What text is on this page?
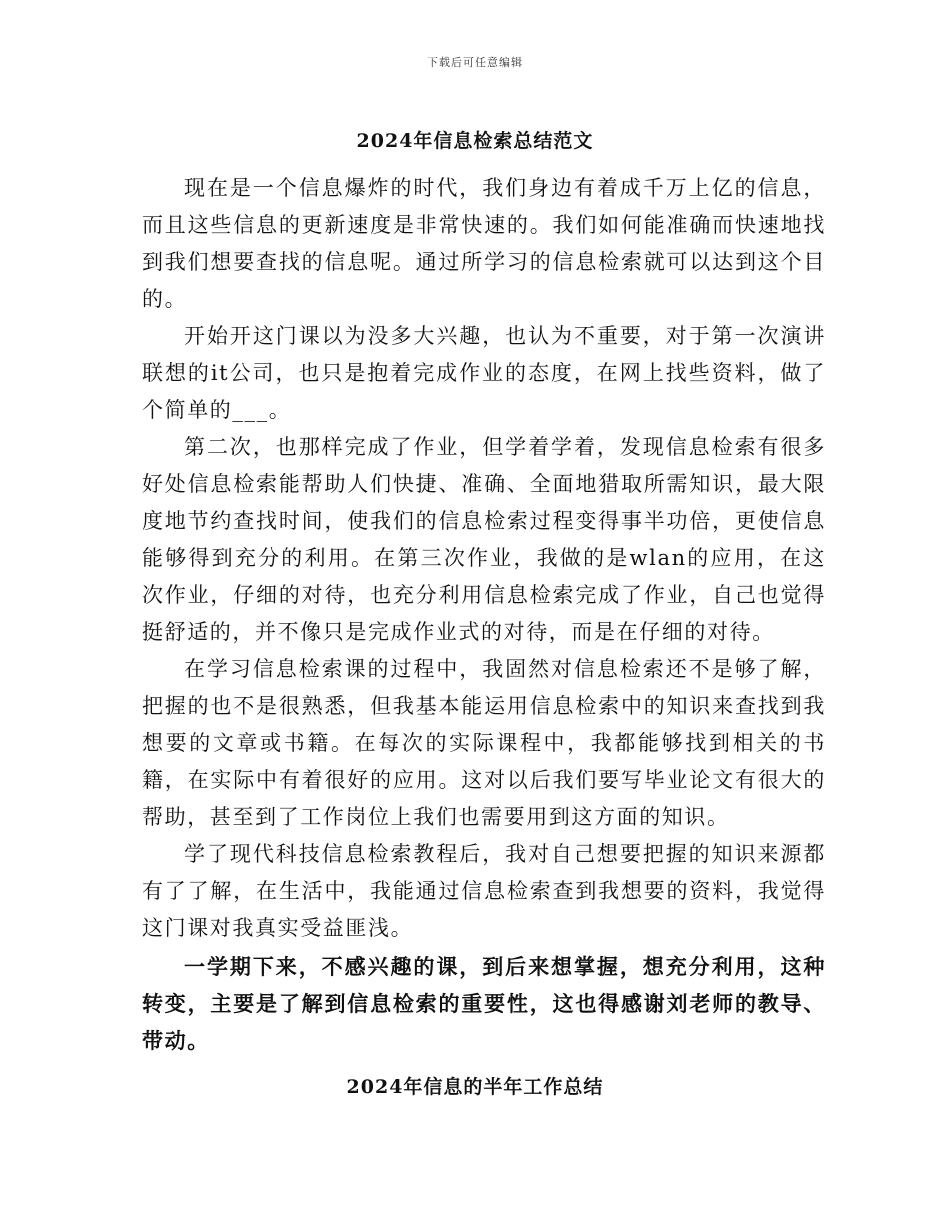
下载后可任意编辑
2024年信息检索总结范文

现在是一个信息爆炸的时代，我们身边有着成千万上亿的信息，而且这些信息的更新速度是非常快速的。我们如何能准确而快速地找到我们想要查找的信息呢。通过所学习的信息检索就可以达到这个目的。

开始开这门课以为没多大兴趣，也认为不重要，对于第一次演讲联想的it公司，也只是抱着完成作业的态度，在网上找些资料，做了个简单的___。

第二次，也那样完成了作业，但学着学着，发现信息检索有很多好处信息检索能帮助人们快捷、准确、全面地猎取所需知识，最大限度地节约查找时间，使我们的信息检索过程变得事半功倍，更使信息能够得到充分的利用。在第三次作业，我做的是wlan的应用，在这次作业，仔细的对待，也充分利用信息检索完成了作业，自己也觉得挺舒适的，并不像只是完成作业式的对待，而是在仔细的对待。

在学习信息检索课的过程中，我固然对信息检索还不是够了解，把握的也不是很熟悉，但我基本能运用信息检索中的知识来查找到我想要的文章或书籍。在每次的实际课程中，我都能够找到相关的书籍，在实际中有着很好的应用。这对以后我们要写毕业论文有很大的帮助，甚至到了工作岗位上我们也需要用到这方面的知识。

学了现代科技信息检索教程后，我对自己想要把握的知识来源都有了了解，在生活中，我能通过信息检索查到我想要的资料，我觉得这门课对我真实受益匪浅。

一学期下来，不感兴趣的课，到后来想掌握，想充分利用，这种转变，主要是了解到信息检索的重要性，这也得感谢刘老师的教导、带动。

2024年信息的半年工作总结
